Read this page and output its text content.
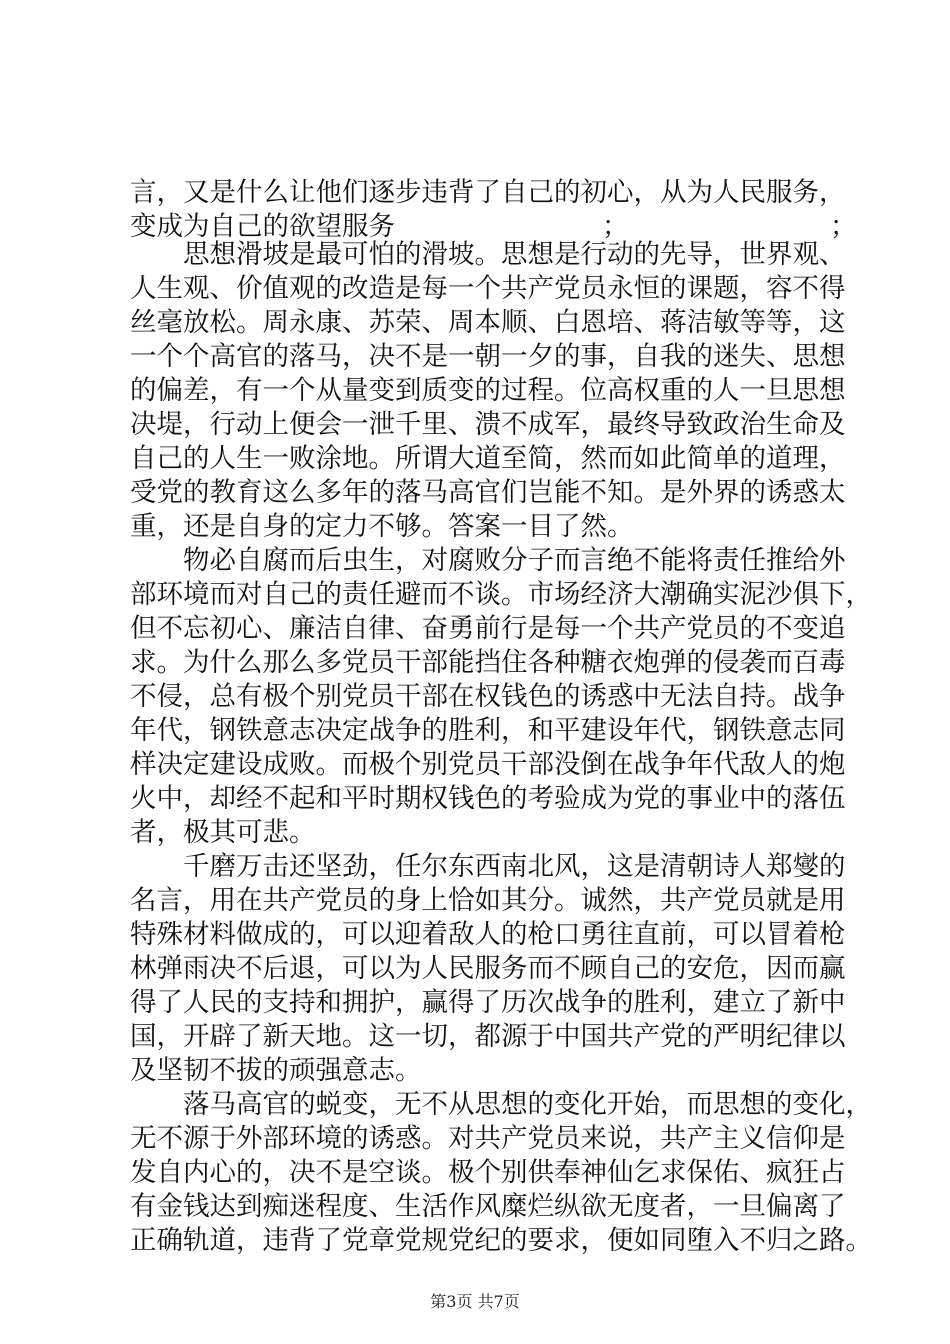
言，又是什么让他们逐步违背了自己的初心，从为人民服务，
变成为自己的欲望服务	；	；
思想滑坡是最可怕的滑坡。思想是行动的先导，世界观、
人生观、价值观的改造是每一个共产党员永恒的课题，容不得
丝毫放松。周永康、苏荣、周本顺、白恩培、蒋洁敏等等，这
一个个高官的落马，决不是一朝一夕的事，自我的迷失、思想
的偏差，有一个从量变到质变的过程。位高权重的人一旦思想
决堤，行动上便会一泄千里、溃不成军，最终导致政治生命及
自己的人生一败涂地。所谓大道至简，然而如此简单的道理，
受党的教育这么多年的落马高官们岂能不知。是外界的诱惑太
重，还是自身的定力不够。答案一目了然。
物必自腐而后虫生，对腐败分子而言绝不能将责任推给外
部环境而对自己的责任避而不谈。市场经济大潮确实泥沙俱下，
但不忘初心、廉洁自律、奋勇前行是每一个共产党员的不变追
求。为什么那么多党员干部能挡住各种糖衣炮弹的侵袭而百毒
不侵，总有极个别党员干部在权钱色的诱惑中无法自持。战争
年代，钢铁意志决定战争的胜利，和平建设年代，钢铁意志同
样决定建设成败。而极个别党员干部没倒在战争年代敌人的炮
火中，却经不起和平时期权钱色的考验成为党的事业中的落伍
者，极其可悲。
千磨万击还坚劲，任尔东西南北风，这是清朝诗人郑燮的
名言，用在共产党员的身上恰如其分。诚然，共产党员就是用
特殊材料做成的，可以迎着敌人的枪口勇往直前，可以冒着枪
林弹雨决不后退，可以为人民服务而不顾自己的安危，因而赢
得了人民的支持和拥护，赢得了历次战争的胜利，建立了新中
国，开辟了新天地。这一切，都源于中国共产党的严明纪律以
及坚韧不拔的顽强意志。
落马高官的蜕变，无不从思想的变化开始，而思想的变化，
无不源于外部环境的诱惑。对共产党员来说，共产主义信仰是
发自内心的，决不是空谈。极个别供奉神仙乞求保佑、疯狂占
有金钱达到痴迷程度、生活作风糜烂纵欲无度者，一旦偏离了
正确轨道，违背了党章党规党纪的要求，便如同堕入不归之路。
第3页 共7页
